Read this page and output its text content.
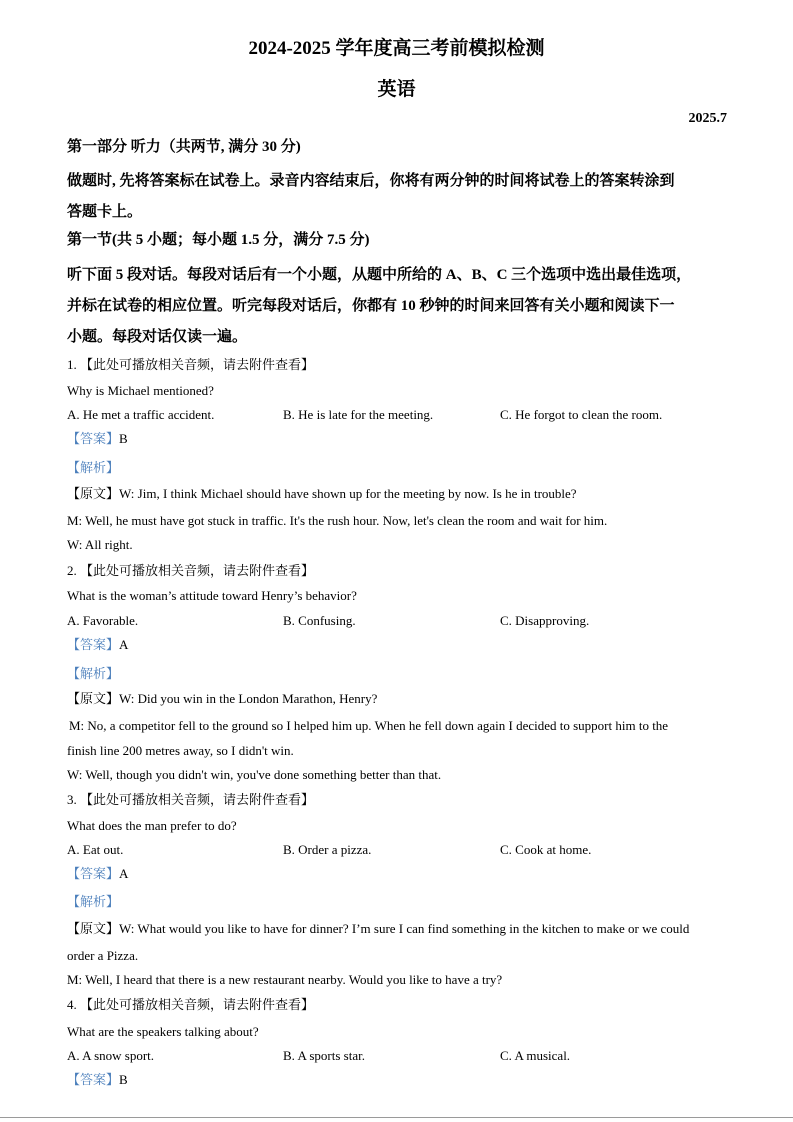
2024-2025 学年度高三考前模拟检测
英语
2025.7
第一部分 听力（共两节, 满分 30 分)
做题时, 先将答案标在试卷上。录音内容结束后，你将有两分钟的时间将试卷上的答案转涂到
答题卡上。
第一节(共 5 小题；每小题 1.5 分，满分 7.5 分)
听下面 5 段对话。每段对话后有一个小题，从题中所给的 A、B、C 三个选项中选出最佳选项，
并标在试卷的相应位置。听完每段对话后，你都有 10 秒钟的时间来回答有关小题和阅读下一
小题。每段对话仅读一遍。
1. 【此处可播放相关音频，请去附件查看】
Why is Michael mentioned?
A. He met a traffic accident.	B. He is late for the meeting.	C. He forgot to clean the room.
【答案】B
【解析】
【原文】W: Jim, I think Michael should have shown up for the meeting by now. Is he in trouble?
M: Well, he must have got stuck in traffic. It's the rush hour. Now, let's clean the room and wait for him.
W: All right.
2. 【此处可播放相关音频，请去附件查看】
What is the woman’s attitude toward Henry’s behavior?
A. Favorable.	B. Confusing.	C. Disapproving.
【答案】A
【解析】
【原文】W: Did you win in the London Marathon, Henry?
M: No, a competitor fell to the ground so I helped him up. When he fell down again I decided to support him to the
finish line 200 metres away, so I didn't win.
W: Well, though you didn't win, you've done something better than that.
3. 【此处可播放相关音频，请去附件查看】
What does the man prefer to do?
A. Eat out.	B. Order a pizza.	C. Cook at home.
【答案】A
【解析】
【原文】W: What would you like to have for dinner? I’m sure I can find something in the kitchen to make or we could
order a Pizza.
M: Well, I heard that there is a new restaurant nearby. Would you like to have a try?
4. 【此处可播放相关音频，请去附件查看】
What are the speakers talking about?
A. A snow sport.	B. A sports star.	C. A musical.
【答案】B
